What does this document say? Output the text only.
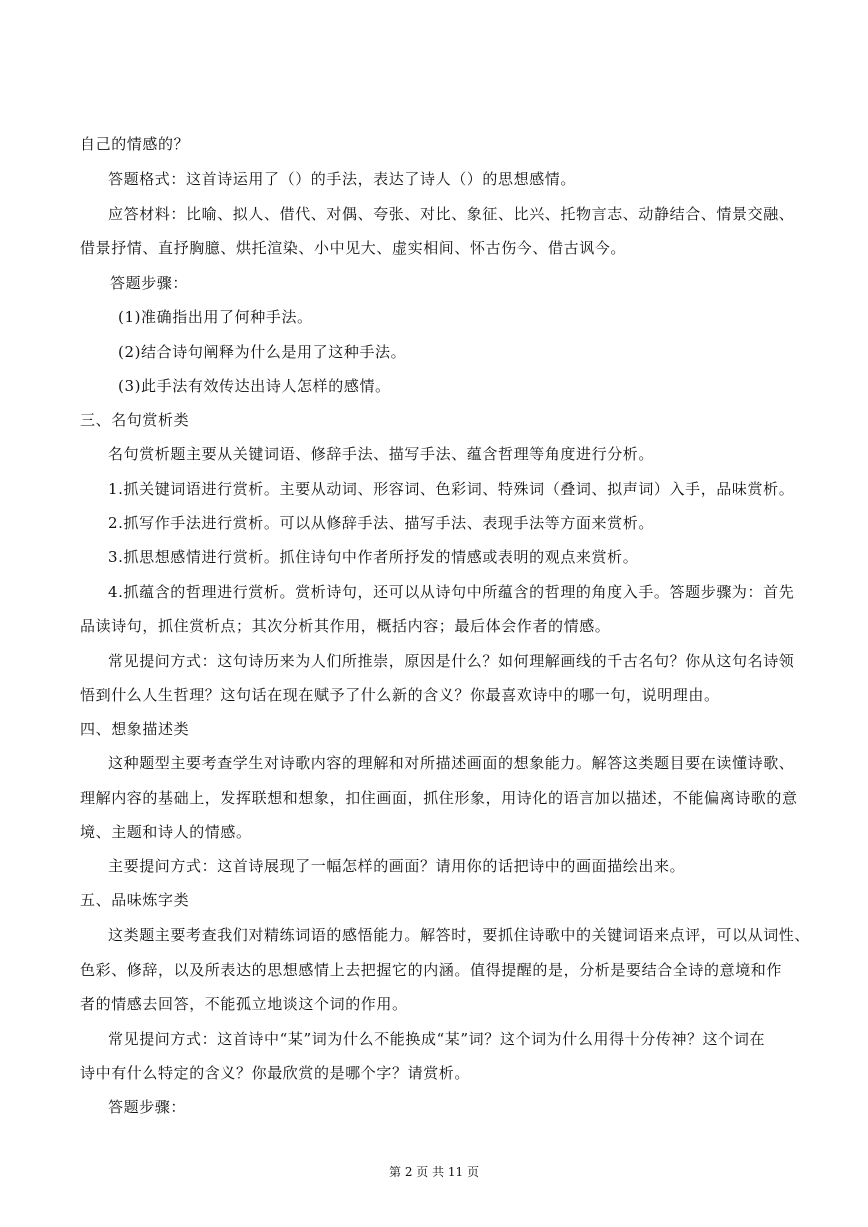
自己的情感的？
答题格式：这首诗运用了（）的手法，表达了诗人（）的思想感情。
应答材料：比喻、拟人、借代、对偶、夸张、对比、象征、比兴、托物言志、动静结合、情景交融、
借景抒情、直抒胸臆、烘托渲染、小中见大、虚实相间、怀古伤今、借古讽今。
答题步骤：
(1)准确指出用了何种手法。
(2)结合诗句阐释为什么是用了这种手法。
(3)此手法有效传达出诗人怎样的感情。
三、名句赏析类
名句赏析题主要从关键词语、修辞手法、描写手法、蕴含哲理等角度进行分析。
1.抓关键词语进行赏析。主要从动词、形容词、色彩词、特殊词（叠词、拟声词）入手，品味赏析。
2.抓写作手法进行赏析。可以从修辞手法、描写手法、表现手法等方面来赏析。
3.抓思想感情进行赏析。抓住诗句中作者所抒发的情感或表明的观点来赏析。
4.抓蕴含的哲理进行赏析。赏析诗句，还可以从诗句中所蕴含的哲理的角度入手。答题步骤为：首先
品读诗句，抓住赏析点；其次分析其作用，概括内容；最后体会作者的情感。
常见提问方式：这句诗历来为人们所推崇，原因是什么？如何理解画线的千古名句？你从这句名诗领
悟到什么人生哲理？这句话在现在赋予了什么新的含义？你最喜欢诗中的哪一句，说明理由。
四、想象描述类
这种题型主要考查学生对诗歌内容的理解和对所描述画面的想象能力。解答这类题目要在读懂诗歌、
理解内容的基础上，发挥联想和想象，扣住画面，抓住形象，用诗化的语言加以描述，不能偏离诗歌的意
境、主题和诗人的情感。
主要提问方式：这首诗展现了一幅怎样的画面？请用你的话把诗中的画面描绘出来。
五、品味炼字类
这类题主要考查我们对精练词语的感悟能力。解答时，要抓住诗歌中的关键词语来点评，可以从词性、
色彩、修辞，以及所表达的思想感情上去把握它的内涵。值得提醒的是，分析是要结合全诗的意境和作
者的情感去回答，不能孤立地谈这个词的作用。
常见提问方式：这首诗中“某”词为什么不能换成“某”词？这个词为什么用得十分传神？这个词在
诗中有什么特定的含义？你最欣赏的是哪个字？请赏析。
答题步骤：
第 2 页 共 11 页
